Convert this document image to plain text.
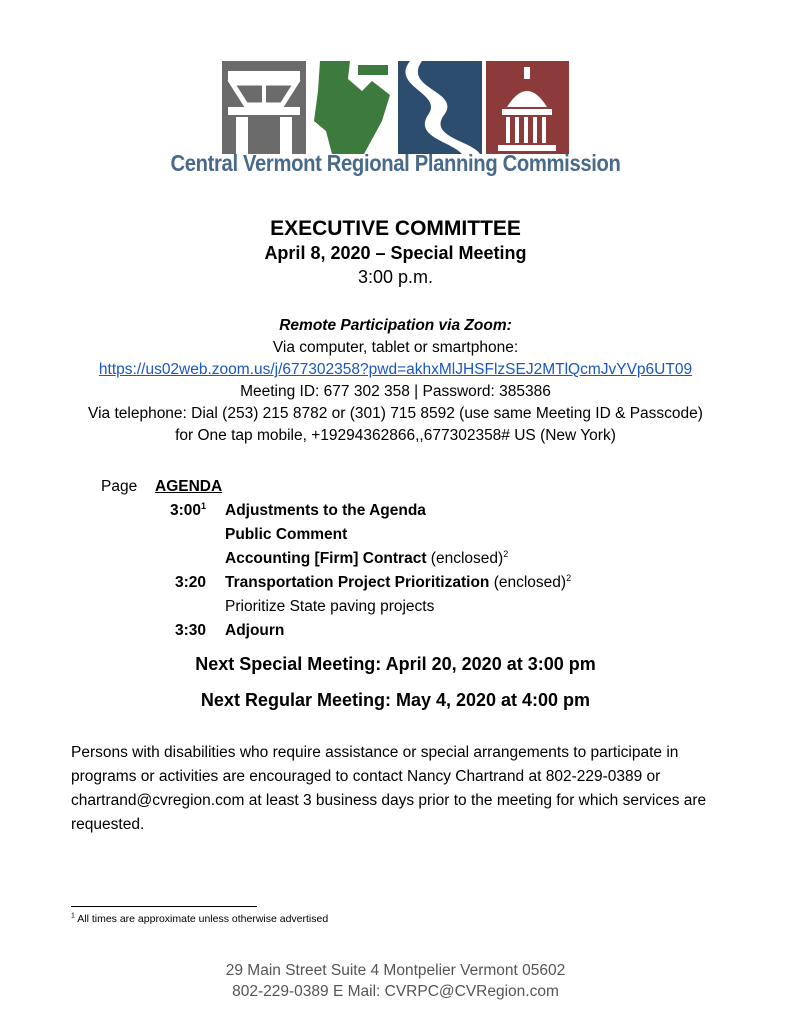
Central Vermont Regional Planning Commission
EXECUTIVE COMMITTEE
April 8, 2020 – Special Meeting
3:00 p.m.
Remote Participation via Zoom:
Via computer, tablet or smartphone:
https://us02web.zoom.us/j/677302358?pwd=akhxMlJHSFlzSEJ2MTlQcmJvYVp6UT09
Meeting ID: 677 302 358 | Password: 385386
Via telephone: Dial (253) 215 8782 or (301) 715 8592 (use same Meeting ID & Passcode)
for One tap mobile, +19294362866,,677302358# US (New York)
Page AGENDA
$3:00^1$ Adjustments to the Agenda
Public Comment
Accounting [Firm] Contract (enclosed)$^2$
3:20 Transportation Project Prioritization (enclosed)$^2$
Prioritize State paving projects
3:30 Adjourn
Next Special Meeting: April 20, 2020 at 3:00 pm
Next Regular Meeting: May 4, 2020 at 4:00 pm
Persons with disabilities who require assistance or special arrangements to participate in programs or activities are encouraged to contact Nancy Chartrand at 802-229-0389 or chartrand@cvregion.com at least 3 business days prior to the meeting for which services are requested.
$^1$ All times are approximate unless otherwise advertised
29 Main Street Suite 4 Montpelier Vermont 05602
802-229-0389 E Mail: CVRPC@CVRegion.com
